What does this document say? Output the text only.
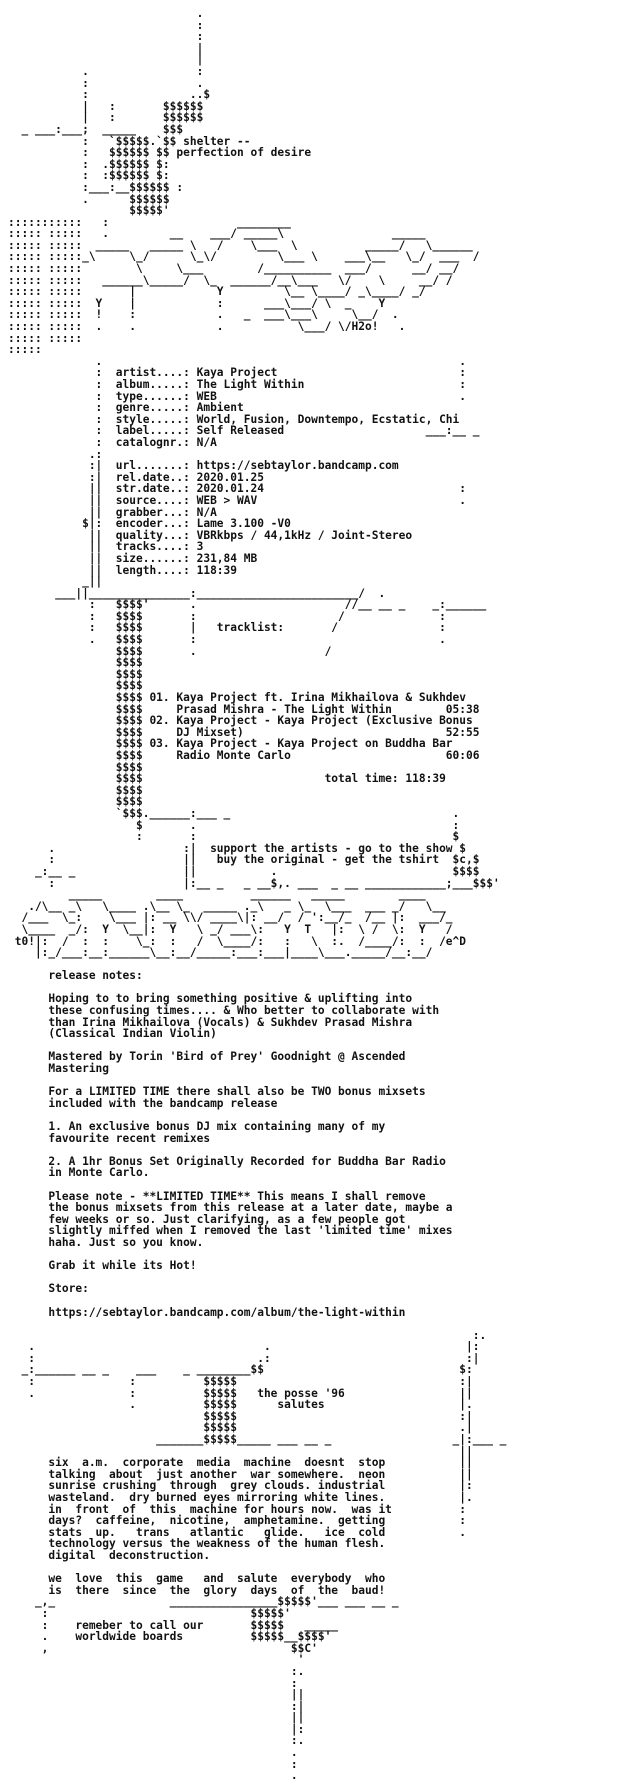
.
:
:
|
|
.                :
:                .
:               ..$
|   :       $$$$$$
|   :       $$$$$$
_ ___:___;  _____    $$$
:   `$$$$$.`$$ shelter --
:   $$$$$$ $$ perfection of desire
:  .$$$$$$ $:
:  :$$$$$$ $:
:___:__$$$$$$ :
.      $$$$$$
$$$$$'
:::::::::::   :                   ________
::::: :::::   .         __    ___/ _____\                _____
::::: :::::  _____   _____ \   /    \___  \          _____/   \______
::::: :::::_\     \_/      \_\/         \___ \    ___\__   \_/  ___  /
::::: :::::        \     \___        /__________  ___/      __/ __/
::::: :::::   ______\_____/  \_  ______/__\___   \/    \     __/ /
::::: :::::       |            Y         \__ \____/ _\____/ _/
::::: :::::  Y    |            :      ___\___/ \  _    Y
::::: :::::  !    :            .   _  ___\___\     \__/  .
::::: :::::  .    .            .           \___/ \/H2o!   .
::::: :::::
:::::
.                                                     .
:  artist....: Kaya Project                           :
:  album.....: The Light Within                       :
:  type......: WEB                                    .
:  genre.....: Ambient
:  style.....: World, Fusion, Downtempo, Ecstatic, Chi
:  label.....: Self Released                     ___:__ _
:  catalognr.: N/A
.:
:|  url.......: https://sebtaylor.bandcamp.com
:|  rel.date..: 2020.01.25
||  str.date..: 2020.01.24                             :
||  source....: WEB > WAV                              .
||  grabber...: N/A
$|:  encoder...: Lame 3.100 -V0
||  quality...: VBRkbps / 44,1kHz / Joint-Stereo
||  tracks....: 3
||  size......: 231,84 MB
||  length....: 118:39
_||
___||_______________:________________________/  .
:   $$$$'      .                      //__ __ _    _:______
:   $$$$       :                     /              :
:   $$$$       |   tracklist:       /               :
.   $$$$       :                                    .
$$$$       .                   /
$$$$
$$$$
$$$$
$$$$ 01. Kaya Project ft. Irina Mikhailova & Sukhdev
$$$$     Prasad Mishra - The Light Within        05:38
$$$$ 02. Kaya Project - Kaya Project (Exclusive Bonus
$$$$     DJ Mixset)                              52:55
$$$$ 03. Kaya Project - Kaya Project on Buddha Bar
$$$$     Radio Monte Carlo                       60:06
$$$$
$$$$                           total time: 118:39
$$$$
$$$$
`$$$.______:___ _                                 .
$       .                                      :
:       :                                      $
.                   :|  support the artists - go to the show $
:                   ||   buy the original - get the tshirt  $c,$
_:__ _                ||           .                          $$$$
:                   |:__ _   _ __$,. ___  _ __ ____________;___$$$'
_____        ____          ______   _____        ____
./\__ _\   \____ .\__ \_  _____ ._\   _ \_  \___  ___ _/   \__
/___  \_:    \___ |: __ \\/ ____\|: __/  / ':__/_  /__ |:  ___/_
\____  _/:  Y  \__|:  Y   \ _/ ___\:   Y  T   |:  \ /  \:  Y   /
t0!|:  /  :  :    \_:  :   /  \____/:   :   \  :.  /____/:  :  /e^D
|:_/___:__:______\__:__/_____:___:___|____\___._____/__:__/

release notes:

Hoping to to bring something positive & uplifting into
these confusing times.... & Who better to collaborate with
than Irina Mikhailova (Vocals) & Sukhdev Prasad Mishra
(Classical Indian Violin)

Mastered by Torin 'Bird of Prey' Goodnight @ Ascended
Mastering

For a LIMITED TIME there shall also be TWO bonus mixsets
included with the bandcamp release

1. An exclusive bonus DJ mix containing many of my
favourite recent remixes

2. A 1hr Bonus Set Originally Recorded for Buddha Bar Radio
in Monte Carlo.

Please note - **LIMITED TIME** This means I shall remove
the bonus mixsets from this release at a later date, maybe a
few weeks or so. Just clarifying, as a few people got
slightly miffed when I removed the last 'limited time' mixes
haha. Just so you know.

Grab it while its Hot!

Store:

https://sebtaylor.bandcamp.com/album/the-light-within

:.
.                                  .                             |:
:                                 .:                             :|
_:______ __ _    ___    _ ________$$                             $:
:              :          $$$$$                                 :|
.              :          $$$$$   the posse '96                 ||
.          $$$$$      salutes                    |.
$$$$$                                 :|
$$$$$                                 .|
_______$$$$$_____ ___ __ _                  _|:___ _
||
six  a.m.  corporate  media  machine  doesnt  stop           ||
talking  about  just another  war somewhere.  neon           ||
sunrise crushing  through  grey clouds. industrial           |:
wasteland.  dry burned eyes mirroring white lines.           |.
in  front  of  this  machine for hours now.  was it          :
days?  caffeine,  nicotine,  amphetamine.  getting           :
stats  up.   trans   atlantic   glide.   ice  cold           .
technology versus the weakness of the human flesh.
digital  deconstruction.

we  love  this  game   and  salute  everybody  who
is  there  since  the  glory  days  of  the  baud!
_,_                 ________________$$$$$'___ ___ __ _
:                              $$$$$'
:    remeber to call our       $$$$$   _____
.    worldwide boards          $$$$$__$$$$'
,                                    $$C'
'
:.
:
||
:|
||
|:
:.
.
:
.
